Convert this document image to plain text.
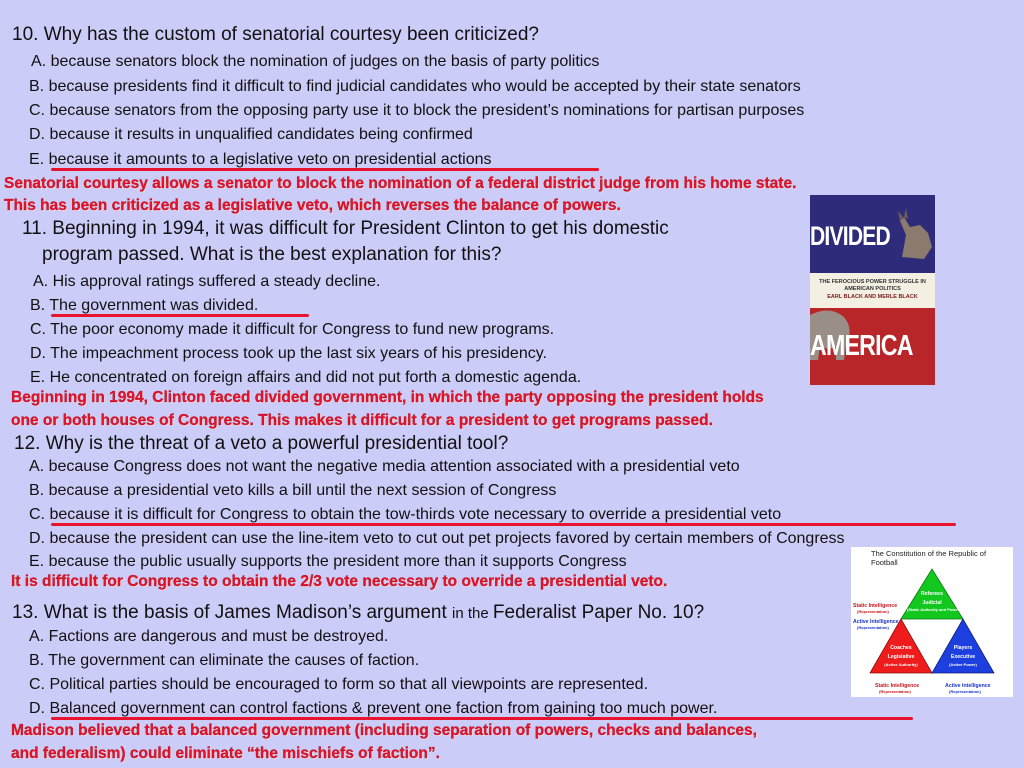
10. Why has the custom of senatorial courtesy been criticized?
A. because senators block the nomination of judges on the basis of party politics
B. because presidents find it difficult to find judicial candidates who would be accepted by their state senators
C. because senators from the opposing party use it to block the president’s nominations for partisan purposes
D. because it results in unqualified candidates being confirmed
E. because it amounts to a legislative veto on presidential actions
Senatorial courtesy allows a senator to block the nomination of a federal district judge from his home state.
This has been criticized as a legislative veto, which reverses the balance of powers.
11. Beginning in 1994, it was difficult for President Clinton to get his domestic
program passed. What is the best explanation for this?
A. His approval ratings suffered a steady decline.
B. The government was divided.
C. The poor economy made it difficult for Congress to fund new programs.
D. The impeachment process took up the last six years of his presidency.
E. He concentrated on foreign affairs and did not put forth a domestic agenda.
Beginning in 1994, Clinton faced divided government, in which the party opposing the president holds
one or both houses of Congress. This makes it difficult for a president to get programs passed.
DIVIDED
THE FEROCIOUS POWER STRUGGLE IN AMERICAN POLITICS
EARL BLACK AND MERLE BLACK
AMERICA
12. Why is the threat of a veto a powerful presidential tool?
A. because Congress does not want the negative media attention associated with a presidential veto
B. because a presidential veto kills a bill until the next session of Congress
C. because it is difficult for Congress to obtain the tow-thirds vote necessary to override a presidential veto
D. because the president can use the line-item veto to cut out pet projects favored by certain members of Congress
E. because the public usually supports the president more than it supports Congress
It is difficult for Congress to obtain the 2/3 vote necessary to override a presidential veto.
13. What is the basis of James Madison’s argument in the Federalist Paper No. 10?
A. Factions are dangerous and must be destroyed.
B. The government can eliminate the causes of faction.
C. Political parties should be encouraged to form so that all viewpoints are represented.
D. Balanced government can control factions & prevent one faction from gaining too much power.
Madison believed that a balanced government (including separation of powers, checks and balances,
and federalism) could eliminate “the mischiefs of faction”.
The Constitution of the Republic of Football
Referees
Judicial
(Static Authority and Power)
Coaches
Legislative
(Active Authority)
Players
Executive
(Active Power)
Static Intelligence
(Representation)
Active Intelligence
(Representation)
Static Intelligence
(Representation)
Active Intelligence
(Representation)
